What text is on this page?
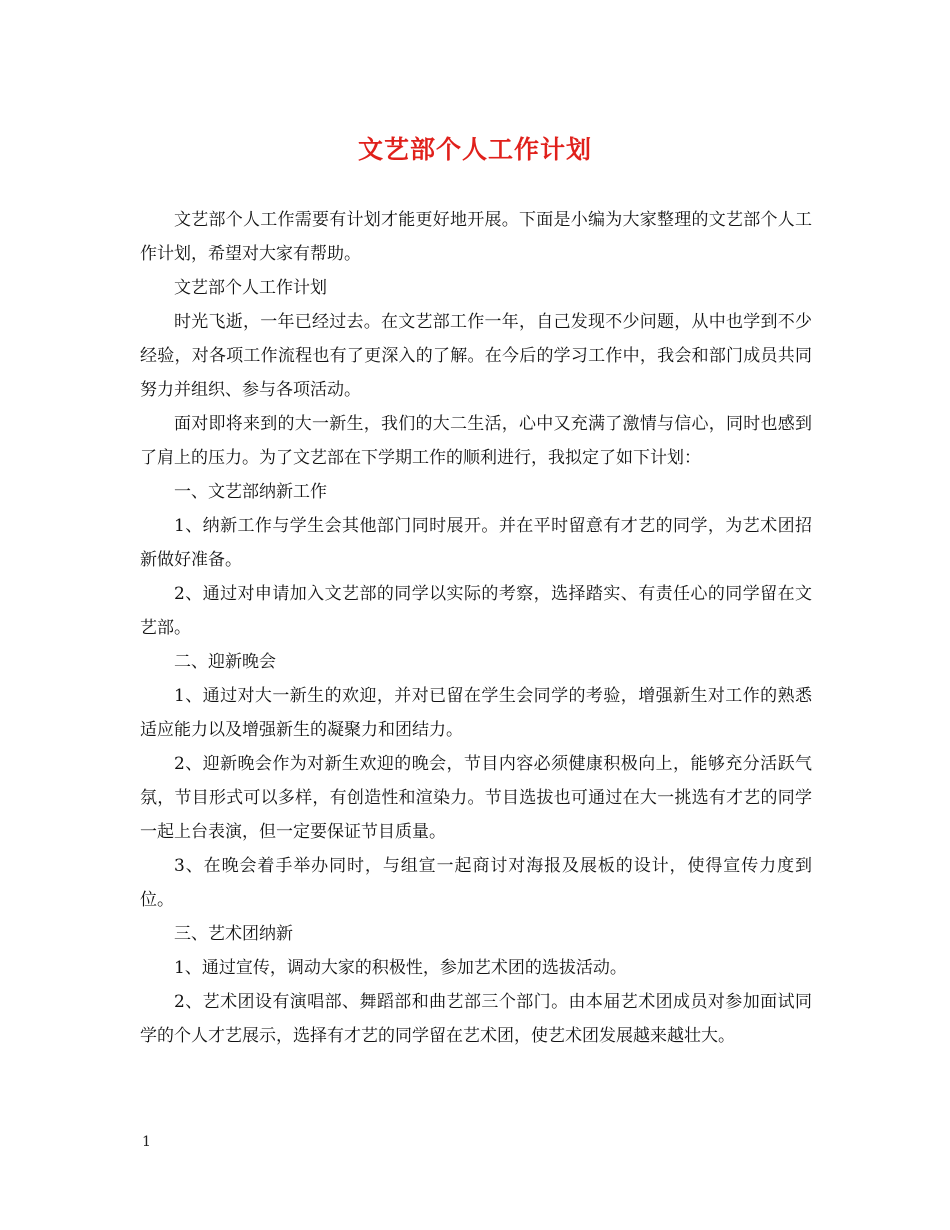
文艺部个人工作计划

文艺部个人工作需要有计划才能更好地开展。下面是小编为大家整理的文艺部个人工作计划，希望对大家有帮助。

文艺部个人工作计划

时光飞逝，一年已经过去。在文艺部工作一年，自己发现不少问题，从中也学到不少经验，对各项工作流程也有了更深入的了解。在今后的学习工作中，我会和部门成员共同努力并组织、参与各项活动。

面对即将来到的大一新生，我们的大二生活，心中又充满了激情与信心，同时也感到了肩上的压力。为了文艺部在下学期工作的顺利进行，我拟定了如下计划：

一、文艺部纳新工作

1、纳新工作与学生会其他部门同时展开。并在平时留意有才艺的同学，为艺术团招新做好准备。

2、通过对申请加入文艺部的同学以实际的考察，选择踏实、有责任心的同学留在文艺部。

二、迎新晚会

1、通过对大一新生的欢迎，并对已留在学生会同学的考验，增强新生对工作的熟悉适应能力以及增强新生的凝聚力和团结力。

2、迎新晚会作为对新生欢迎的晚会，节目内容必须健康积极向上，能够充分活跃气氛，节目形式可以多样，有创造性和渲染力。节目选拔也可通过在大一挑选有才艺的同学一起上台表演，但一定要保证节目质量。

3、在晚会着手举办同时，与组宣一起商讨对海报及展板的设计，使得宣传力度到位。

三、艺术团纳新

1、通过宣传，调动大家的积极性，参加艺术团的选拔活动。

2、艺术团设有演唱部、舞蹈部和曲艺部三个部门。由本届艺术团成员对参加面试同学的个人才艺展示，选择有才艺的同学留在艺术团，使艺术团发展越来越壮大。

1
